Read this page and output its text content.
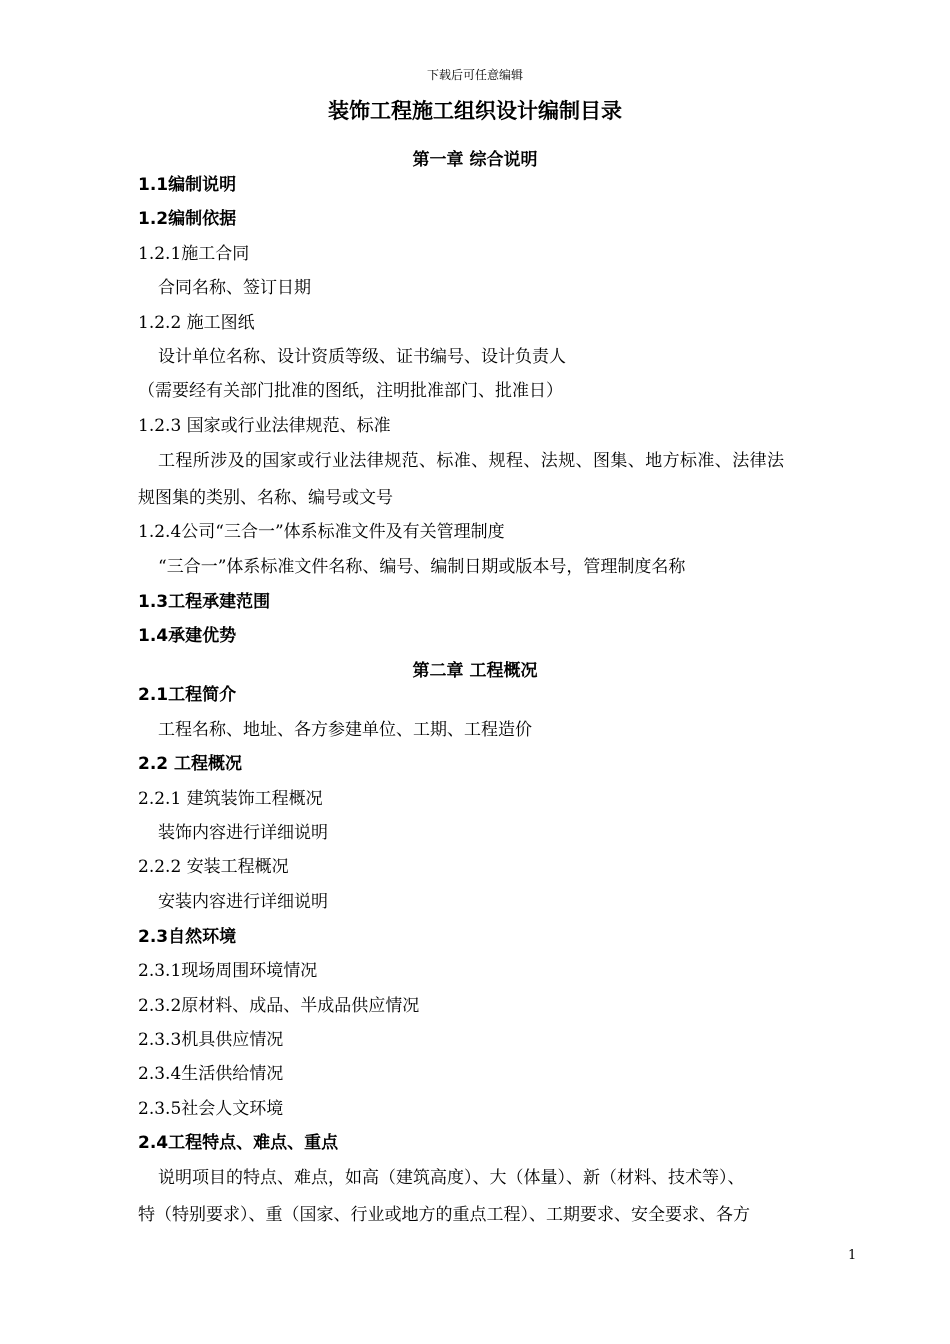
下载后可任意编辑
装饰工程施工组织设计编制目录
第一章 综合说明
1.1编制说明
1.2编制依据
1.2.1施工合同
合同名称、签订日期
1.2.2 施工图纸
设计单位名称、设计资质等级、证书编号、设计负责人
（需要经有关部门批准的图纸，注明批准部门、批准日）
1.2.3 国家或行业法律规范、标准
工程所涉及的国家或行业法律规范、标准、规程、法规、图集、地方标准、法律法
规图集的类别、名称、编号或文号
1.2.4公司“三合一”体系标准文件及有关管理制度
“三合一”体系标准文件名称、编号、编制日期或版本号，管理制度名称
1.3工程承建范围
1.4承建优势
第二章 工程概况
2.1工程简介
工程名称、地址、各方参建单位、工期、工程造价
2.2 工程概况
2.2.1 建筑装饰工程概况
装饰内容进行详细说明
2.2.2 安装工程概况
安装内容进行详细说明
2.3自然环境
2.3.1现场周围环境情况
2.3.2原材料、成品、半成品供应情况
2.3.3机具供应情况
2.3.4生活供给情况
2.3.5社会人文环境
2.4工程特点、难点、重点
说明项目的特点、难点，如高（建筑高度）、大（体量）、新（材料、技术等）、
特（特别要求）、重（国家、行业或地方的重点工程）、工期要求、安全要求、各方
1
